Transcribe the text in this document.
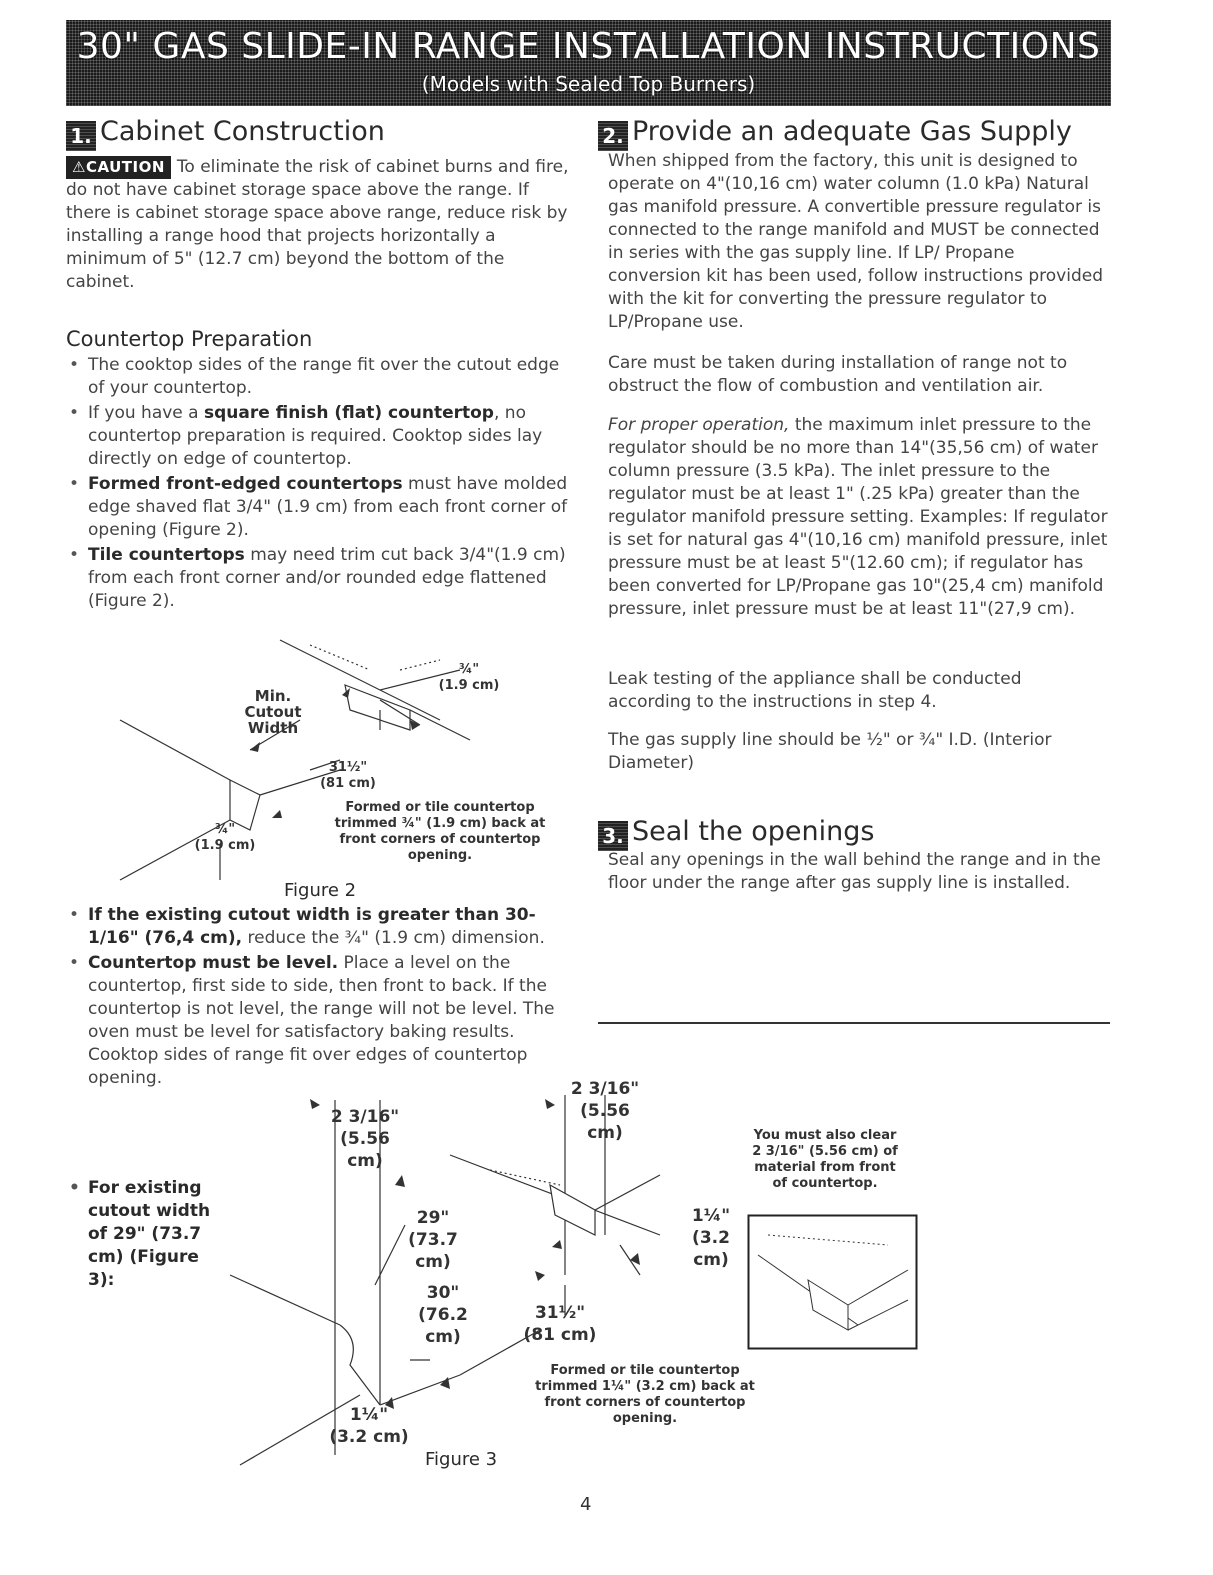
30" GAS SLIDE-IN RANGE INSTALLATION INSTRUCTIONS
(Models with Sealed Top Burners)
1. Cabinet Construction

⚠CAUTION To eliminate the risk of cabinet burns and fire, do not have cabinet storage space above the range. If there is cabinet storage space above range, reduce risk by installing a range hood that projects horizontally a minimum of 5" (12.7 cm) beyond the bottom of the cabinet.

Countertop Preparation
• The cooktop sides of the range fit over the cutout edge of your countertop.
• If you have a square finish (flat) countertop, no countertop preparation is required. Cooktop sides lay directly on edge of countertop.
• Formed front-edged countertops must have molded edge shaved flat 3/4" (1.9 cm) from each front corner of opening (Figure 2).
• Tile countertops may need trim cut back 3/4"(1.9 cm) from each front corner and/or rounded edge flattened (Figure 2).
Min.
Cutout
Width
¾"
(1.9 cm)
31½"
(81 cm)
¾"
(1.9 cm)
Formed or tile countertop
trimmed ¾" (1.9 cm) back at
front corners of countertop
opening.
Figure 2
• If the existing cutout width is greater than 30-1/16" (76,4 cm), reduce the ¾" (1.9 cm) dimension.
• Countertop must be level. Place a level on the countertop, first side to side, then front to back. If the countertop is not level, the range will not be level. The oven must be level for satisfactory baking results. Cooktop sides of range fit over edges of countertop opening.
• For existing cutout width of 29" (73.7 cm) (Figure 3):
2 3/16"
(5.56 cm)
2 3/16"
(5.56 cm)
29"
(73.7 cm)
30"
(76.2 cm)
1¼"
(3.2 cm)
31½"
(81 cm)
1¼"
(3.2 cm)
Formed or tile countertop
trimmed 1¼" (3.2 cm) back at
front corners of countertop
opening.
You must also clear
2 3/16" (5.56 cm) of
material from front
of countertop.
Figure 3
2. Provide an adequate Gas Supply

When shipped from the factory, this unit is designed to operate on 4"(10,16 cm) water column (1.0 kPa) Natural gas manifold pressure. A convertible pressure regulator is connected to the range manifold and MUST be connected in series with the gas supply line. If LP/ Propane conversion kit has been used, follow instructions provided with the kit for converting the pressure regulator to LP/Propane use.

Care must be taken during installation of range not to obstruct the flow of combustion and ventilation air.

For proper operation, the maximum inlet pressure to the regulator should be no more than 14"(35,56 cm) of water column pressure (3.5 kPa). The inlet pressure to the regulator must be at least 1" (.25 kPa) greater than the regulator manifold pressure setting. Examples: If regulator is set for natural gas 4"(10,16 cm) manifold pressure, inlet pressure must be at least 5"(12.60 cm); if regulator has been converted for LP/Propane gas 10"(25,4 cm) manifold pressure, inlet pressure must be at least 11"(27,9 cm).

Leak testing of the appliance shall be conducted according to the instructions in step 4.

The gas supply line should be ½" or ¾" I.D. (Interior Diameter)

3. Seal the openings

Seal any openings in the wall behind the range and in the floor under the range after gas supply line is installed.

4
